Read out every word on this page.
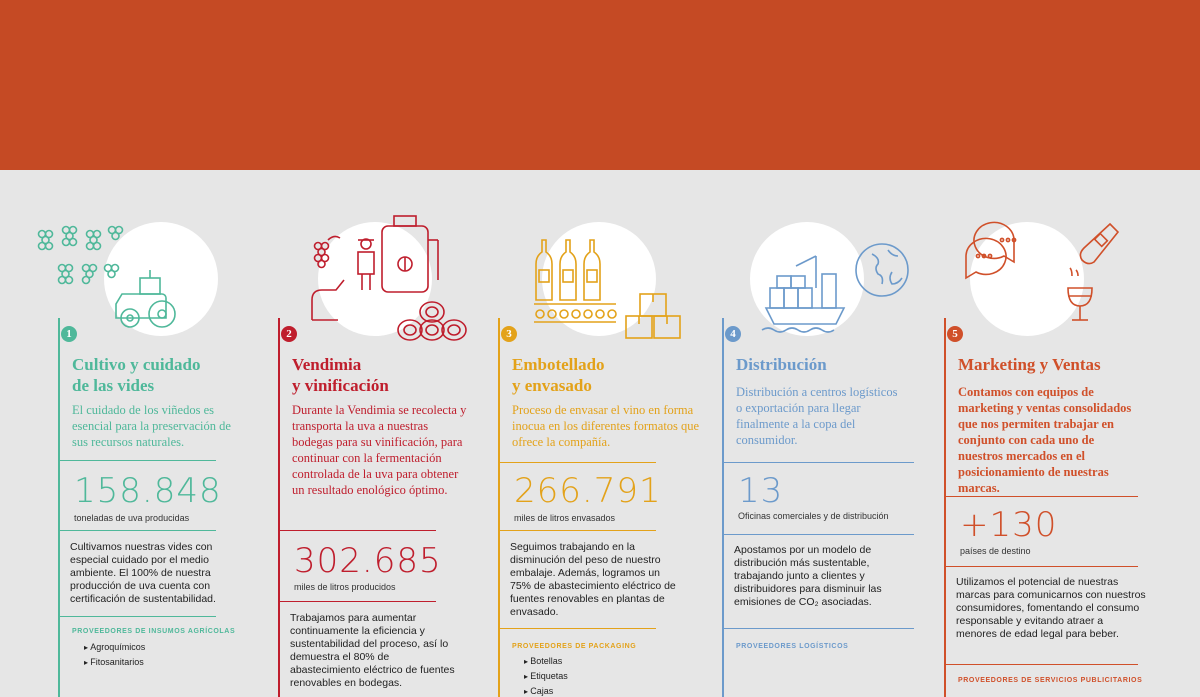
1
Cultivo y cuidado
de las vides
El cuidado de los viñedos es esencial para la preservación de sus recursos naturales.
158.848
toneladas de uva producidas
Cultivamos nuestras vides con especial cuidado por el medio ambiente. El 100% de nuestra producción de uva cuenta con certificación de sustentabilidad.
PROVEEDORES DE INSUMOS AGRÍCOLAS
▸ Agroquímicos
▸ Fitosanitarios
2
Vendimia
y vinificación
Durante la Vendimia se recolecta y transporta la uva a nuestras bodegas para su vinificación, para continuar con la fermentación controlada de la uva para obtener un resultado enológico óptimo.
302.685
miles de litros producidos
Trabajamos para aumentar continuamente la eficiencia y sustentabilidad del proceso, así lo demuestra el 80% de abastecimiento eléctrico de fuentes renovables en bodegas.
3
Embotellado
y envasado
Proceso de envasar el vino en forma inocua en los diferentes formatos que ofrece la compañía.
266.791
miles de litros envasados
Seguimos trabajando en la disminución del peso de nuestro embalaje. Además, logramos un 75% de abastecimiento eléctrico de fuentes renovables en plantas de envasado.
PROVEEDORES DE PACKAGING
▸ Botellas
▸ Etiquetas
▸ Cajas
4
Distribución
Distribución a centros logísticos o exportación para llegar finalmente a la copa del consumidor.
13
Oficinas comerciales y de distribución
Apostamos por un modelo de distribución más sustentable, trabajando junto a clientes y distribuidores para disminuir las emisiones de CO₂ asociadas.
PROVEEDORES LOGÍSTICOS
5
Marketing y Ventas
Contamos con equipos de marketing y ventas consolidados que nos permiten trabajar en conjunto con cada uno de nuestros mercados en el posicionamiento de nuestras marcas.
+130
países de destino
Utilizamos el potencial de nuestras marcas para comunicarnos con nuestros consumidores, fomentando el consumo responsable y evitando atraer a menores de edad legal para beber.
PROVEEDORES DE SERVICIOS PUBLICITARIOS
